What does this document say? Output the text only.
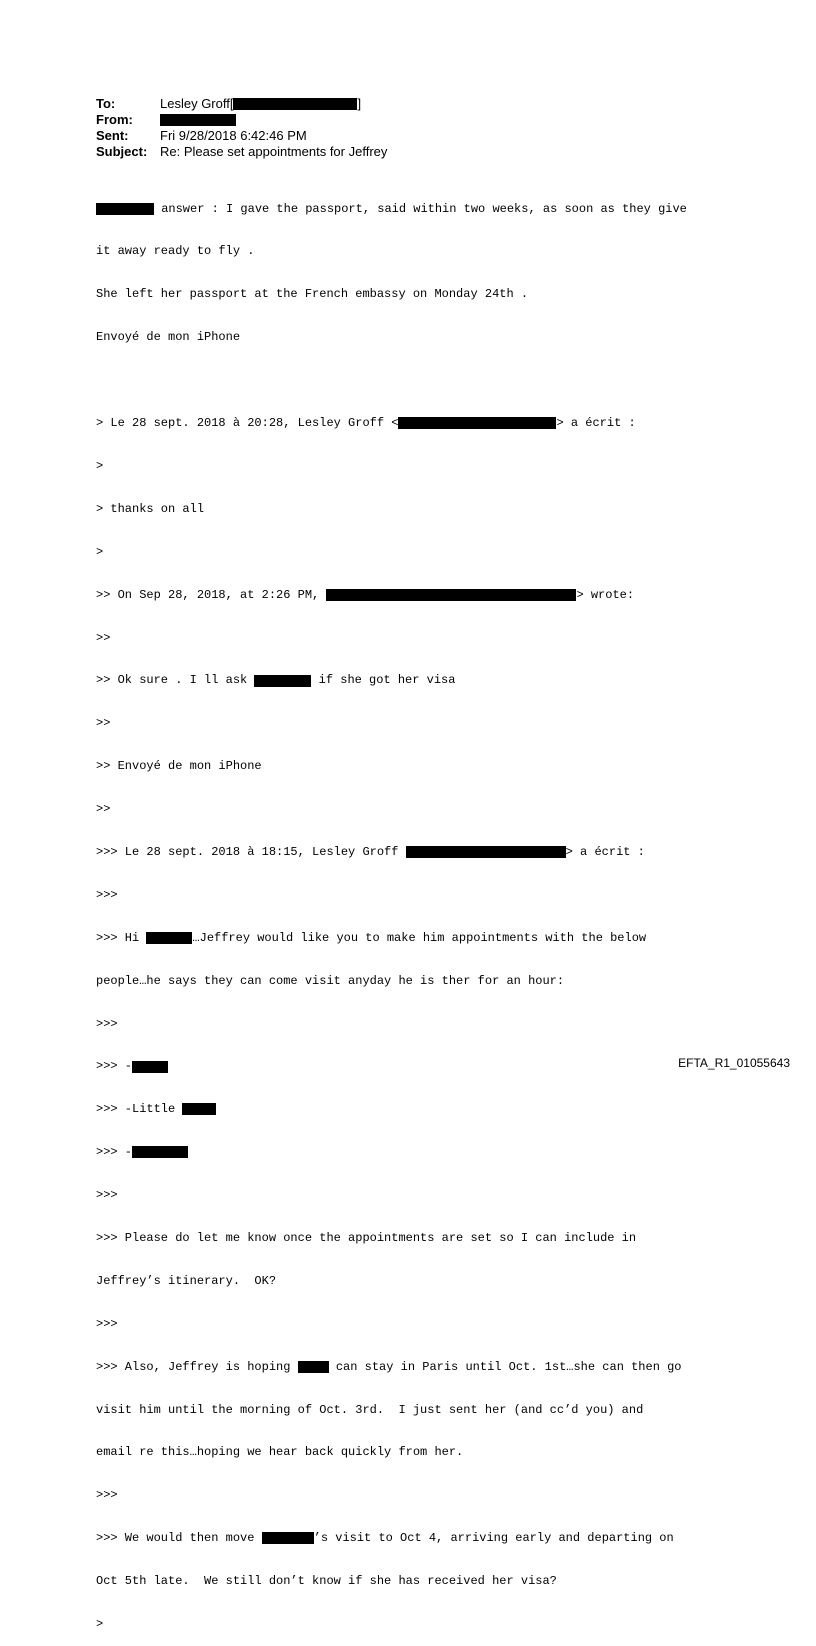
To:	Lesley Groff[	]
From:
Sent:	Fri 9/28/2018 6:42:46 PM
Subject: Re: Please set appointments for Jeffrey

answer : I gave the passport, said within two weeks, as soon as they give

it away ready to fly .

She left her passport at the French embassy on Monday 24th .

Envoyé de mon iPhone

> Le 28 sept. 2018 à 20:28, Lesley Groff <	> a écrit :

>

> thanks on all

>

>> On Sep 28, 2018, at 2:26 PM,	> wrote:

>>

>> Ok sure . I ll ask	if she got her visa

>>

>> Envoyé de mon iPhone

>>

>>> Le 28 sept. 2018 à 18:15, Lesley Groff	> a écrit :

>>>

>>> Hi	…Jeffrey would like you to make him appointments with the below

people…he says they can come visit anyday he is ther for an hour:

>>>

>>> -

>>> -Little

>>> -

>>>

>>> Please do let me know once the appointments are set so I can include in

Jeffrey’s itinerary.  OK?

>>>

>>> Also, Jeffrey is hoping	can stay in Paris until Oct. 1st…she can then go

visit him until the morning of Oct. 3rd.  I just sent her (and cc’d you) and

email re this…hoping we hear back quickly from her.

>>>

>>> We would then move	’s visit to Oct 4, arriving early and departing on

Oct 5th late.  We still don’t know if she has received her visa?

>

EFTA_R1_01055643
